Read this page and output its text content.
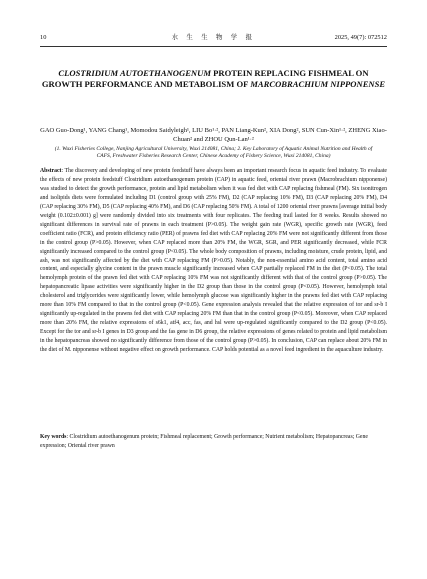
10	水 生 生 物 学 报	2025, 49(7): 072512
CLOSTRIDIUM AUTOETHANOGENUM PROTEIN REPLACING FISHMEAL ON GROWTH PERFORMANCE AND METABOLISM OF MARCOBRACHIUM NIPPONENSE
GAO Guo-Dong¹, YANG Chang¹, Momodou Saidyleigh¹, LIU Bo¹·², PAN Liang-Kun², XIA Dong², SUN Cun-Xin¹·², ZHENG Xiao-Chuan² and ZHOU Qun-Lan¹·²
(1. Wuxi Fisheries College, Nanjing Agricultural University, Wuxi 214081, China; 2. Key Laboratory of Aquatic Animal Nutrition and Health of CAFS, Freshwater Fisheries Research Center, Chinese Academy of Fishery Science, Wuxi 214081, China)

Abstract: The discovery and developing of new protein feedstuff have always been an important research focus in aquatic feed industry. To evaluate the effects of new protein feedstuff Clostridium autoethanogenum protein (CAP) in aquatic feed, oriental river prawn (Macrobrachium nipponense) was studied to detect the growth performance, protein and lipid metabolism when it was fed diet with CAP replacing fishmeal (FM). Six isonitrogen and isolipids diets were formulated including D1 (control group with 25% FM), D2 (CAP replacing 10% FM), D3 (CAP replacing 20% FM), D4 (CAP replacing 30% FM), D5 (CAP replacing 40% FM), and D6 (CAP replacing 50% FM). A total of 1200 oriental river prawns [average initial body weight (0.102±0.001) g] were randomly divided into six treatments with four replicates. The feeding trail lasted for 8 weeks. Results showed no significant differences in survival rate of prawns in each treatment (P>0.05). The weight gain rate (WGR), specific growth rate (WGR), feed coefficient ratio (FCR), and protein efficiency ratio (PER) of prawns fed diet with CAP replacing 20% FM were not significantly different from those in the control group (P>0.05). However, when CAP replaced more than 20% FM, the WGR, SGR, and PER significantly decreased, while FCR significantly increased compared to the control group (P<0.05). The whole body composition of prawns, including moisture, crude protein, lipid, and ash, was not significantly affected by the diet with CAP replacing FM (P>0.05). Notably, the non-essential amino acid content, total amino acid content, and especially glycine content in the prawn muscle significantly increased when CAP partially replaced FM in the diet (P<0.05). The total hemolymph protein of the prawn fed diet with CAP replacing 10% FM was not significantly different with that of the control group (P>0.05). The hepatopancreatic lipase activities were significantly higher in the D2 group than those in the control group (P<0.05). However, hemolymph total cholesterol and triglycerides were significantly lower, while hemolymph glucose was significantly higher in the prawns fed diet with CAP replacing more than 10% FM compared to that in the control group (P<0.05). Gene expression analysis revealed that the relative expression of tor and sr-b I significantly up-regulated in the prawns fed diet with CAP replacing 20% FM than that in the control group (P<0.05). Moreover, when CAP replaced more than 20% FM, the relative expressions of s6k1, atf4, acc, fas, and hsl were up-regulated significantly compared to the D2 group (P<0.05). Except for the tor and sr-b I genes in D3 group and the fas gene in D6 group, the relative expressions of genes related to protein and lipid metabolism in the hepatopancreas showed no significantly difference from those of the control group (P>0.05). In conclusion, CAP can replace about 20% FM in the diet of M. nipponense without negative effect on growth performance. CAP holds potential as a novel feed ingredient in the aquaculture industry.

Key words: Clostridium autoethanogenum protein; Fishmeal replacement; Growth performance; Nutrient metabolism; Hepatopancreas; Gene expression; Oriental river prawn
